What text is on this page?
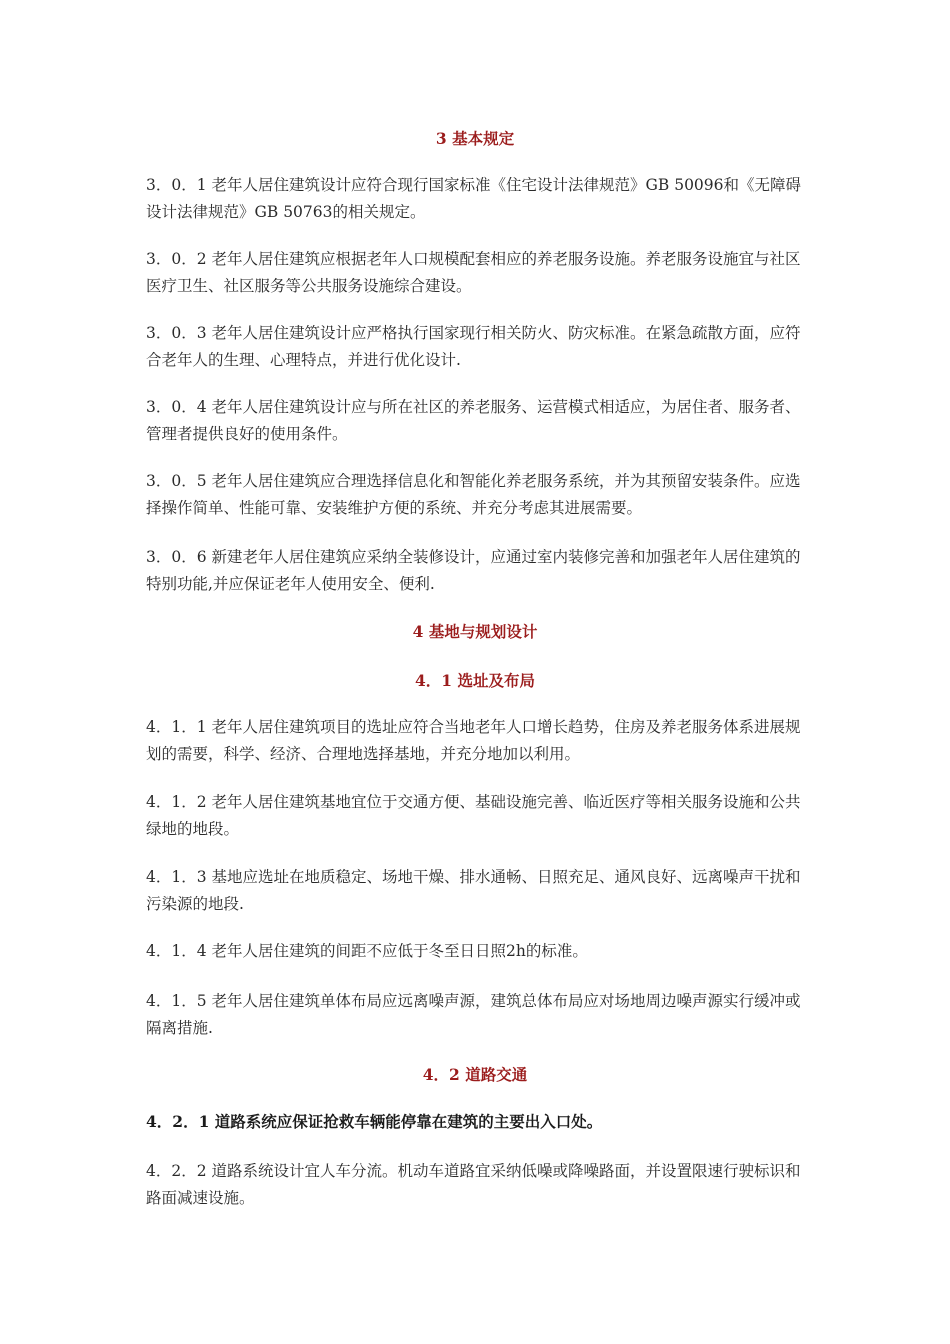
3 基本规定
3．0．1 老年人居住建筑设计应符合现行国家标准《住宅设计法律规范》GB 50096和《无障碍设计法律规范》GB 50763的相关规定。
3．0．2 老年人居住建筑应根据老年人口规模配套相应的养老服务设施。养老服务设施宜与社区医疗卫生、社区服务等公共服务设施综合建设。
3．0．3 老年人居住建筑设计应严格执行国家现行相关防火、防灾标准。在紧急疏散方面，应符合老年人的生理、心理特点，并进行优化设计.
3．0．4 老年人居住建筑设计应与所在社区的养老服务、运营模式相适应，为居住者、服务者、管理者提供良好的使用条件。
3．0．5 老年人居住建筑应合理选择信息化和智能化养老服务系统，并为其预留安装条件。应选择操作简单、性能可靠、安装维护方便的系统、并充分考虑其进展需要。
3．0．6 新建老年人居住建筑应采纳全装修设计，应通过室内装修完善和加强老年人居住建筑的特别功能,并应保证老年人使用安全、便利.
4 基地与规划设计
4．1 选址及布局
4．1．1 老年人居住建筑项目的选址应符合当地老年人口增长趋势，住房及养老服务体系进展规划的需要，科学、经济、合理地选择基地，并充分地加以利用。
4．1．2 老年人居住建筑基地宜位于交通方便、基础设施完善、临近医疗等相关服务设施和公共绿地的地段。
4．1．3 基地应选址在地质稳定、场地干燥、排水通畅、日照充足、通风良好、远离噪声干扰和污染源的地段.
4．1．4 老年人居住建筑的间距不应低于冬至日日照2h的标准。
4．1．5 老年人居住建筑单体布局应远离噪声源，建筑总体布局应对场地周边噪声源实行缓冲或隔离措施.
4．2 道路交通
4．2．1 道路系统应保证抢救车辆能停靠在建筑的主要出入口处。
4．2．2 道路系统设计宜人车分流。机动车道路宜采纳低噪或降噪路面，并设置限速行驶标识和路面减速设施。
